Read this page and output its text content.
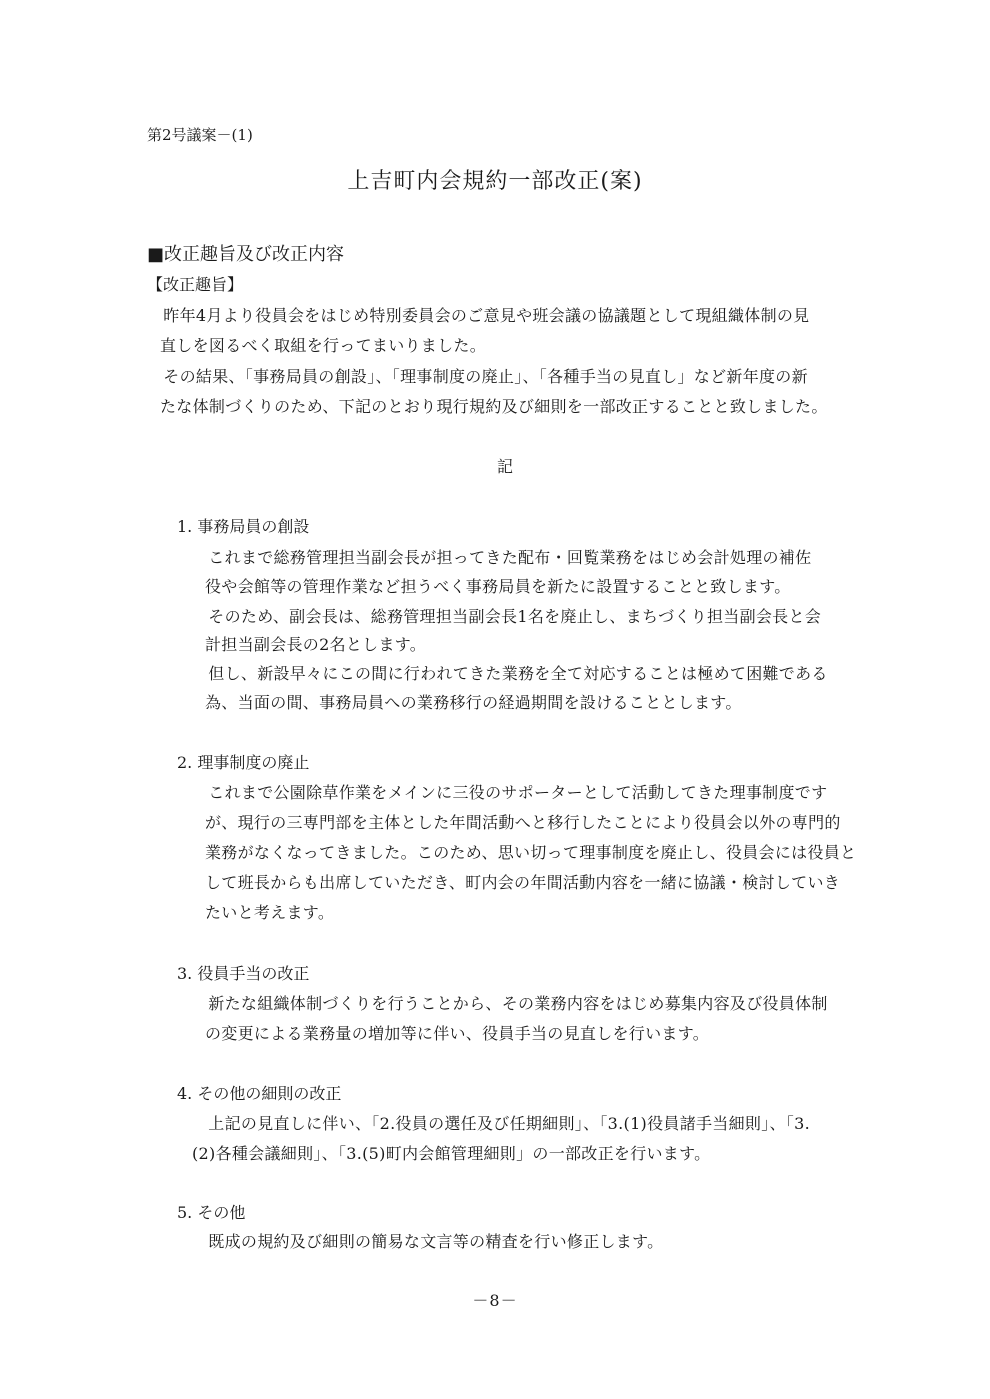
第2号議案－(1)
上吉町内会規約一部改正(案)
■改正趣旨及び改正内容
【改正趣旨】
　昨年4月より役員会をはじめ特別委員会のご意見や班会議の協議題として現組織体制の見
直しを図るべく取組を行ってまいりました。
　その結果、「事務局員の創設」、「理事制度の廃止」、「各種手当の見直し」など新年度の新
たな体制づくりのため、下記のとおり現行規約及び細則を一部改正することと致しました。
記
1. 事務局員の創設
　これまで総務管理担当副会長が担ってきた配布・回覧業務をはじめ会計処理の補佐
役や会館等の管理作業など担うべく事務局員を新たに設置することと致します。
　そのため、副会長は、総務管理担当副会長1名を廃止し、まちづくり担当副会長と会
計担当副会長の2名とします。
　但し、新設早々にこの間に行われてきた業務を全て対応することは極めて困難である
為、当面の間、事務局員への業務移行の経過期間を設けることとします。
2. 理事制度の廃止
　これまで公園除草作業をメインに三役のサポーターとして活動してきた理事制度です
が、現行の三専門部を主体とした年間活動へと移行したことにより役員会以外の専門的
業務がなくなってきました。このため、思い切って理事制度を廃止し、役員会には役員と
して班長からも出席していただき、町内会の年間活動内容を一緒に協議・検討していき
たいと考えます。
3. 役員手当の改正
　新たな組織体制づくりを行うことから、その業務内容をはじめ募集内容及び役員体制
の変更による業務量の増加等に伴い、役員手当の見直しを行います。
4. その他の細則の改正
　上記の見直しに伴い、「2.役員の選任及び任期細則」、「3.(1)役員諸手当細則」、「3.
(2)各種会議細則」、「3.(5)町内会館管理細則」の一部改正を行います。
5. その他
　既成の規約及び細則の簡易な文言等の精査を行い修正します。
－8－
